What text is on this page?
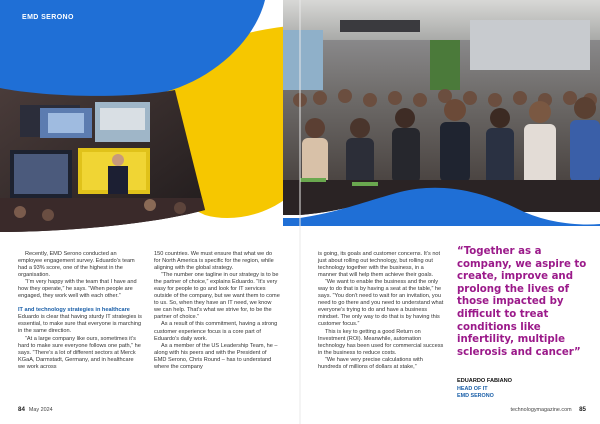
EMD SERONO

Recently, EMD Serono conducted an employee engagement survey. Eduardo’s team had a 93% score, one of the highest in the organisation.

“I’m very happy with the team that I have and how they operate,” he says. “When people are engaged, they work well with each other.”

IT and technology strategies in healthcare

Eduardo is clear that having sturdy IT strategies is essential, to make sure that everyone is marching in the same direction.

“At a large company like ours, sometimes it’s hard to make sure everyone follows one path,” he says. “There’s a lot of different sectors at Merck KGaA, Darmstadt, Germany, and in healthcare we work across

150 countries. We must ensure that what we do for North America is specific for the region, while aligning with the global strategy.

“The number one tagline in our strategy is to be the partner of choice,” explains Eduardo. “It’s very easy for people to go and look for IT services outside of the company, but we want them to come to us. So, when they have an IT need, we know we can help. That’s what we strive for, to be the partner of choice.”

As a result of this commitment, having a strong customer experience focus is a core part of Eduardo’s daily work.

As a member of the US Leadership Team, he – along with his peers and with the President of EMD Serono, Chris Round – has to understand where the company

is going, its goals and customer concerns. It’s not just about rolling out technology, but rolling out technology together with the business, in a manner that will help them achieve their goals.

“We want to enable the business and the only way to do that is by having a seat at the table,” he says. “You don’t need to wait for an invitation, you need to go there and you need to understand what everyone’s trying to do and have a business mindset. The only way to do that is by having this customer focus.”

This is key to getting a good Return on Investment (ROI). Meanwhile, automation technology has been used for commercial success in the business to reduce costs.

“We have very precise calculations with hundreds of millions of dollars at stake,”

“Together as a company, we aspire to create, improve and prolong the lives of those impacted by difficult to treat conditions like infertility, multiple sclerosis and cancer”
EDUARDO FABIANO
HEAD OF IT
EMD SERONO
84 May 2024	technologymagazine.com 85
